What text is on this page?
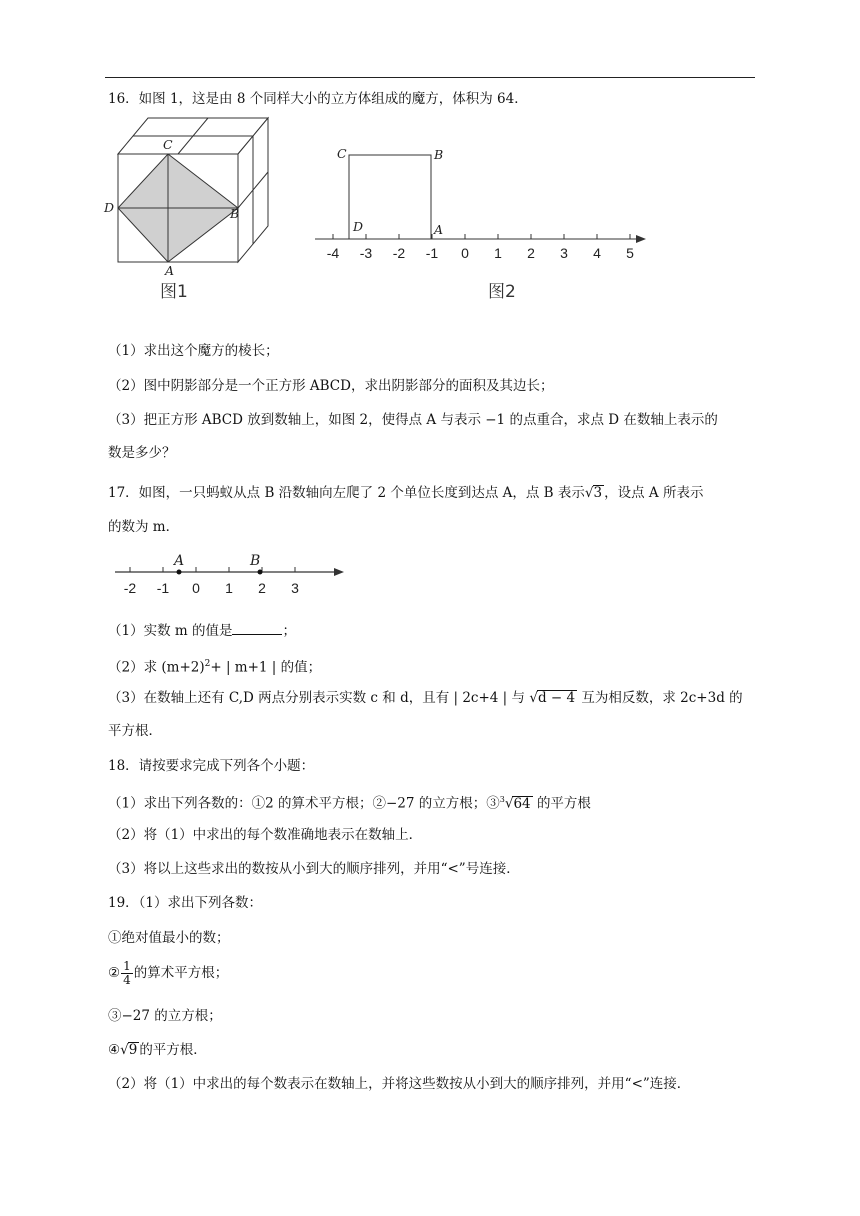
16．如图 1，这是由 8 个同样大小的立方体组成的魔方，体积为 64．
C
D	B
A
图1
-4 -3 -2 -1 0 1 2 3 4 5
C	B
D	A
图2
（1）求出这个魔方的棱长；
（2）图中阴影部分是一个正方形 ABCD，求出阴影部分的面积及其边长；
（3）把正方形 ABCD 放到数轴上，如图 2，使得点 A 与表示 −1 的点重合，求点 D 在数轴上表示的
数是多少？
17．如图，一只蚂蚁从点 B 沿数轴向左爬了 2 个单位长度到达点 A，点 B 表示√3 ，设点 A 所表示
的数为 m．
-2 -1 0 1 2 3
A	B
（1）实数 m 的值是	；
（2）求 $(m+2)^2+$ | m+1 | 的值；
（3）在数轴上还有 C,D 两点分别表示实数 c 和 d，且有 | 2c+4 | 与 √d − 4 互为相反数，求 2c+3d 的
平方根．
18．请按要求完成下列各个小题：
（1）求出下列各数的：①2 的算术平方根；②−27 的立方根；③$^3$√64 的平方根
（2）将（1）中求出的每个数准确地表示在数轴上．
（3）将以上这些求出的数按从小到大的顺序排列，并用“<”号连接．
19．（1）求出下列各数：
①绝对值最小的数；
② $\frac{1}{4}$ 的算术平方根；
③−27 的立方根；
④√9 的平方根．
（2）将（1）中求出的每个数表示在数轴上，并将这些数按从小到大的顺序排列，并用“<”连接．
